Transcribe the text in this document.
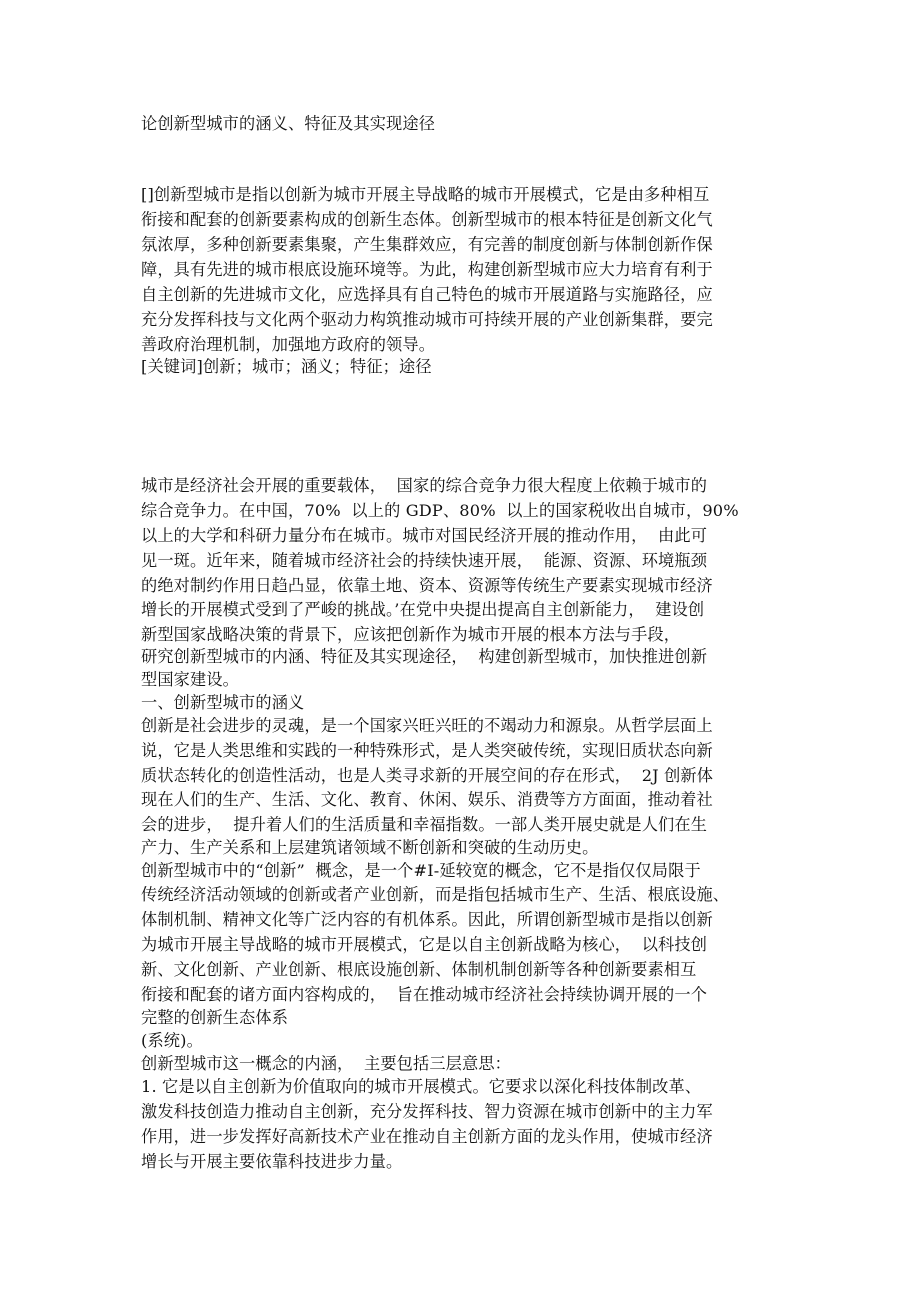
论创新型城市的涵义、特征及其实现途径
[]创新型城市是指以创新为城市开展主导战略的城市开展模式，它是由多种相互
衔接和配套的创新要素构成的创新生态体。创新型城市的根本特征是创新文化气
氛浓厚，多种创新要素集聚，产生集群效应，有完善的制度创新与体制创新作保
障，具有先进的城市根底设施环境等。为此，构建创新型城市应大力培育有利于
自主创新的先进城市文化，应选择具有自己特色的城市开展道路与实施路径，应
充分发挥科技与文化两个驱动力构筑推动城市可持续开展的产业创新集群，要完
善政府治理机制，加强地方政府的领导。
[关键词]创新；城市；涵义；特征；途径
城市是经济社会开展的重要载体，  国家的综合竞争力很大程度上依赖于城市的
综合竞争力。在中国，70%  以上的 GDP、80%  以上的国家税收出自城市，90%
以上的大学和科研力量分布在城市。城市对国民经济开展的推动作用，  由此可
见一斑。近年来，随着城市经济社会的持续快速开展，  能源、资源、环境瓶颈
的绝对制约作用日趋凸显，依靠土地、资本、资源等传统生产要素实现城市经济
增长的开展模式受到了严峻的挑战。’在党中央提出提高自主创新能力，  建设创
新型国家战略决策的背景下，应该把创新作为城市开展的根本方法与手段，
研究创新型城市的内涵、特征及其实现途径，  构建创新型城市，加快推进创新
型国家建设。
一、创新型城市的涵义
创新是社会进步的灵魂，是一个国家兴旺兴旺的不竭动力和源泉。从哲学层面上
说，它是人类思维和实践的一种特殊形式，是人类突破传统，实现旧质状态向新
质状态转化的创造性活动，也是人类寻求新的开展空间的存在形式，  2J 创新体
现在人们的生产、生活、文化、教育、休闲、娱乐、消费等方方面面，推动着社
会的进步，  提升着人们的生活质量和幸福指数。一部人类开展史就是人们在生
产力、生产关系和上层建筑诸领域不断创新和突破的生动历史。
创新型城市中的“创新”  概念，是一个#I-延较宽的概念，它不是指仅仅局限于
传统经济活动领域的创新或者产业创新，而是指包括城市生产、生活、根底设施、
体制机制、精神文化等广泛内容的有机体系。因此，所谓创新型城市是指以创新
为城市开展主导战略的城市开展模式，它是以自主创新战略为核心，  以科技创
新、文化创新、产业创新、根底设施创新、体制机制创新等各种创新要素相互
衔接和配套的诸方面内容构成的，  旨在推动城市经济社会持续协调开展的一个
完整的创新生态体系
(系统)。
创新型城市这一概念的内涵，  主要包括三层意思：
1. 它是以自主创新为价值取向的城市开展模式。它要求以深化科技体制改革、
激发科技创造力推动自主创新，充分发挥科技、智力资源在城市创新中的主力军
作用，进一步发挥好高新技术产业在推动自主创新方面的龙头作用，使城市经济
增长与开展主要依靠科技进步力量。
